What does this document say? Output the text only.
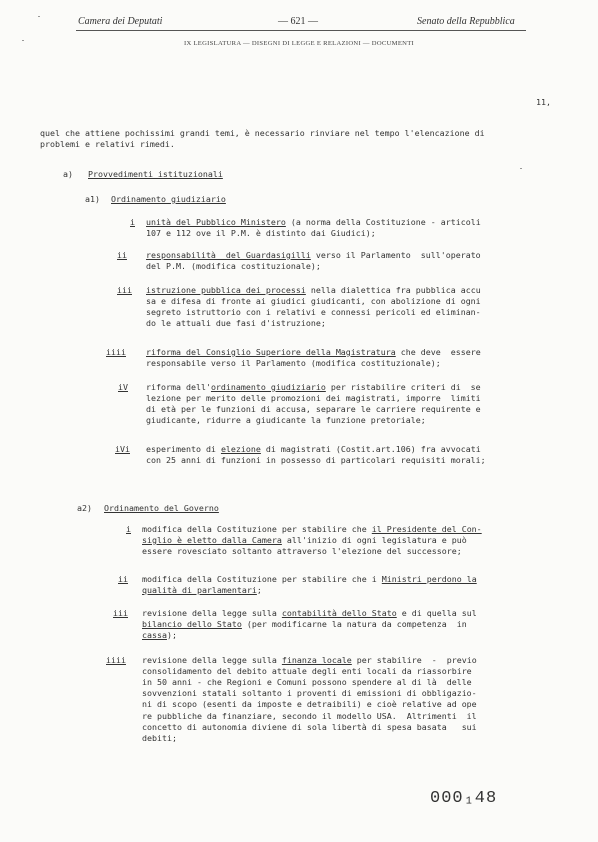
Camera dei Deputati	— 621 —	Senato della Repubblica
IX LEGISLATURA — DISEGNI DI LEGGE E RELAZIONI — DOCUMENTI
11,
quel che attiene pochissimi grandi temi, è necessario rinviare nel tempo l'elencazione di
problemi e relativi rimedi.
a) Provvedimenti istituzionali
a1) Ordinamento giudiziario
i unità del Pubblico Ministero (a norma della Costituzione - articoli
107 e 112 ove il P.M. è distinto dai Giudici);
ii responsabilità  del Guardasigilli verso il Parlamento  sull'operato
del P.M. (modifica costituzionale);
iii istruzione pubblica dei processi nella dialettica fra pubblica accu
sa e difesa di fronte ai giudici giudicanti, con abolizione di ogni
segreto istruttorio con i relativi e connessi pericoli ed eliminan-
do le attuali due fasi d'istruzione;
iiii riforma del Consiglio Superiore della Magistratura che deve  essere
responsabile verso il Parlamento (modifica costituzionale);
iV riforma dell'ordinamento giudiziario per ristabilire criteri di  se
lezione per merito delle promozioni dei magistrati, imporre  limiti
di età per le funzioni di accusa, separare le carriere requirente e
giudicante, ridurre a giudicante la funzione pretoriale;
iVi esperimento di elezione di magistrati (Costit.art.106) fra avvocati
con 25 anni di funzioni in possesso di particolari requisiti morali;
a2) Ordinamento del Governo
i modifica della Costituzione per stabilire che il Presidente del Con-
siglio è eletto dalla Camera all'inizio di ogni legislatura e può
essere rovesciato soltanto attraverso l'elezione del successore;
ii modifica della Costituzione per stabilire che i Ministri perdono la
qualità di parlamentari;
iii revisione della legge sulla contabilità dello Stato e di quella sul
bilancio dello Stato (per modificarne la natura da competenza  in
cassa);
iiii revisione della legge sulla finanza locale per stabilire  -  previo
consolidamento del debito attuale degli enti locali da riassorbire
in 50 anni - che Regioni e Comuni possono spendere al di là  delle
sovvenzioni statali soltanto i proventi di emissioni di obbligazio-
ni di scopo (esenti da imposte e detraibili) e cioè relative ad ope
re pubbliche da finanziare, secondo il modello USA.  Altrimenti  il
concetto di autonomia diviene di sola libertà di spesa basata   sui
debiti;
000₁48
